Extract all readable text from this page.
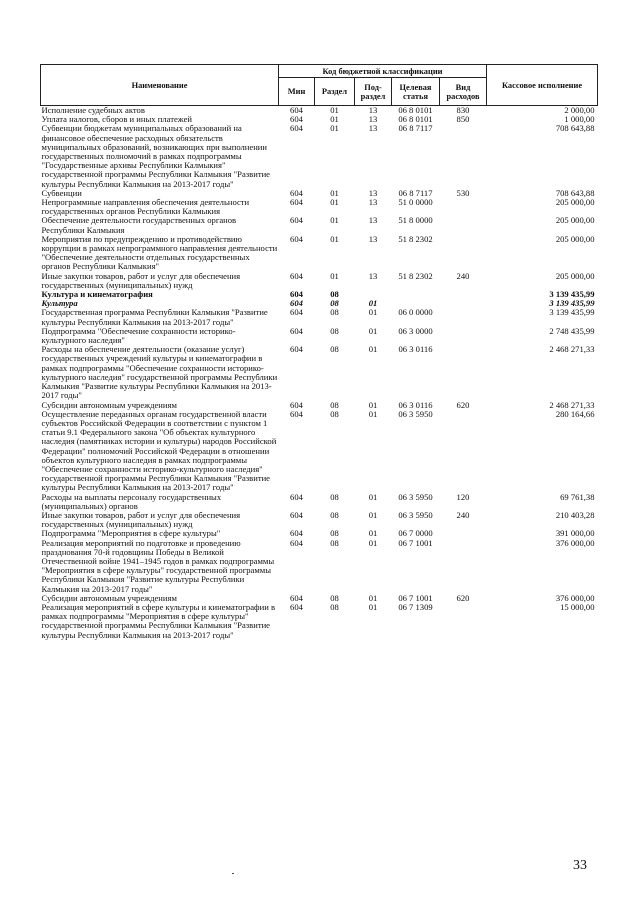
Наименование	Код бюджетной классификации					Кассовое исполнение
	Мин	Раздел	Под-раздел	Целевая статья	Вид расходов	
Исполнение судебных актов	604	01	13	06 8 0101	830	2 000,00
Уплата налогов, сборов и иных платежей	604	01	13	06 8 0101	850	1 000,00
Субвенции бюджетам муниципальных образований на финансовое обеспечение расходных обязательств муниципальных образований, возникающих при выполнении государственных полномочий в рамках подпрограммы "Государственные архивы Республики Калмыкия" государственной программы Республики Калмыкия "Развитие культуры Республики Калмыкия на 2013-2017 годы"	604	01	13	06 8 7117		708 643,88
Субвенции	604	01	13	06 8 7117	530	708 643,88
Непрограммные направления обеспечения деятельности государственных органов Республики Калмыкия	604	01	13	51 0 0000		205 000,00
Обеспечение деятельности государственных органов Республики Калмыкия	604	01	13	51 8 0000		205 000,00
Мероприятия по предупреждению и противодействию коррупции в рамках непрограммного направления деятельности "Обеспечение деятельности отдельных государственных органов Республики Калмыкия"	604	01	13	51 8 2302		205 000,00
Иные закупки товаров, работ и услуг для обеспечения государственных (муниципальных) нужд	604	01	13	51 8 2302	240	205 000,00
Культура и кинематография	604	08				3 139 435,99
Культура	604	08	01			3 139 435,99
Государственная программа Республики Калмыкия "Развитие культуры Республики Калмыкия на 2013-2017 годы"	604	08	01	06 0 0000		3 139 435,99
Подпрограмма "Обеспечение сохранности историко-культурного наследия"	604	08	01	06 3 0000		2 748 435,99
Расходы на обеспечение деятельности (оказание услуг) государственных учреждений культуры и кинематографии в рамках подпрограммы "Обеспечение сохранности историко-культурного наследия" государственной программы Республики Калмыкия "Развитие культуры Республики Калмыкия на 2013-2017 годы"	604	08	01	06 3 0116		2 468 271,33
Субсидии автономным учреждениям	604	08	01	06 3 0116	620	2 468 271,33
Осуществление переданных органам государственной власти субъектов Российской Федерации в соответствии с пунктом 1 статьи 9.1 Федерального закона "Об объектах культурного наследия (памятниках истории и культуры) народов Российской Федерации" полномочий Российской Федерации в отношении объектов культурного наследия в рамках подпрограммы "Обеспечение сохранности историко-культурного наследия" государственной программы Республики Калмыкия "Развитие культуры Республики Калмыкия на 2013-2017 годы"	604	08	01	06 3 5950		280 164,66
Расходы на выплаты персоналу государственных (муниципальных) органов	604	08	01	06 3 5950	120	69 761,38
Иные закупки товаров, работ и услуг для обеспечения государственных (муниципальных) нужд	604	08	01	06 3 5950	240	210 403,28
Подпрограмма "Мероприятия в сфере культуры"	604	08	01	06 7 0000		391 000,00
Реализация мероприятий по подготовке и проведению празднования 70-й годовщины Победы в Великой Отечественной войне 1941–1945 годов в рамках подпрограммы "Мероприятия в сфере культуры" государственной программы Республики Калмыкия "Развитие культуры Республики Калмыкия на 2013-2017 годы"	604	08	01	06 7 1001		376 000,00
Субсидии автономным учреждениям	604	08	01	06 7 1001	620	376 000,00
Реализация мероприятий в сфере культуры и кинематографии в рамках подпрограммы "Мероприятия в сфере культуры" государственной программы Республики Калмыкия "Развитие культуры Республики Калмыкия на 2013-2017 годы"	604	08	01	06 7 1309		15 000,00
33
